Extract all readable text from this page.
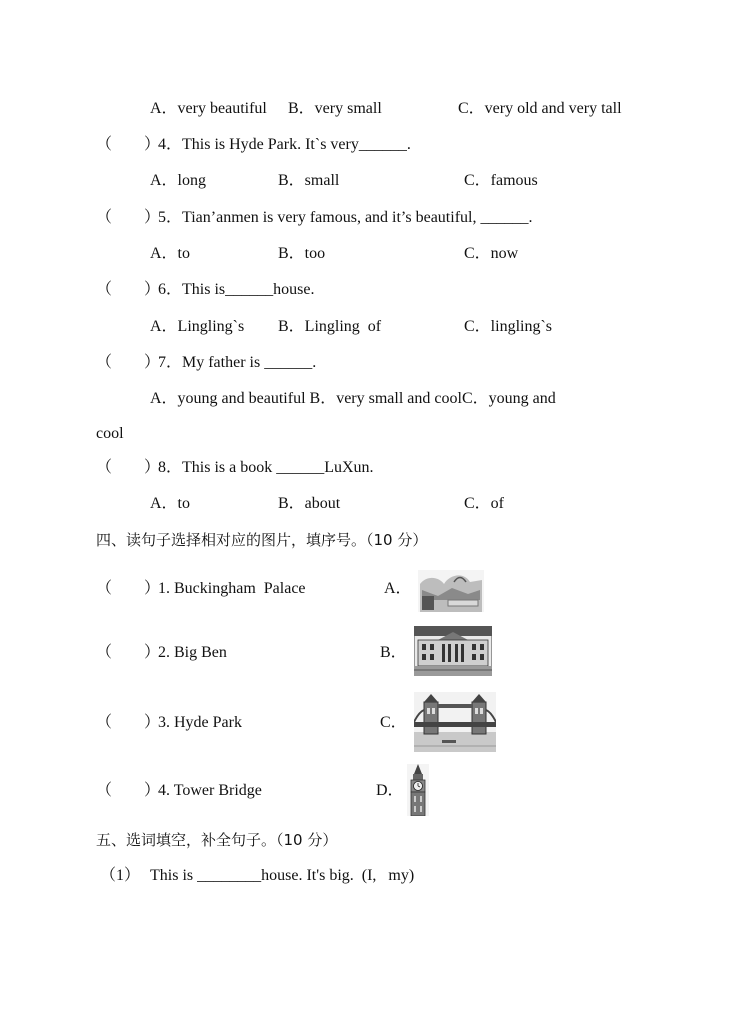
A．very beautiful B．very small	C．very old and very tall
（　　）
4．This is Hyde Park. It`s very______.
A．long	B．small	C．famous
（　　）
5．Tian’anmen is very famous, and it’s beautiful, ______.
A．to	B．too	C．now
（　　）
6．This is______house.
A．Lingling`s B．Lingling  of	C．lingling`s
（　　）
7．My father is ______.
A．young and beautiful B．very small and coolC．young and
cool
（　　）
8．This is a book ______LuXun.
A．to	B．about	C．of
四、读句子选择相对应的图片，填序号。（10 分）
（　　）
1. Buckingham  Palace	A．
（　　）
2. Big Ben	B．
（　　）
3. Hyde Park	C．
（　　）
4. Tower Bridge	D．
五、选词填空，补全句子。（10 分）
（1） This is ________house. It's big.  (I,   my)
